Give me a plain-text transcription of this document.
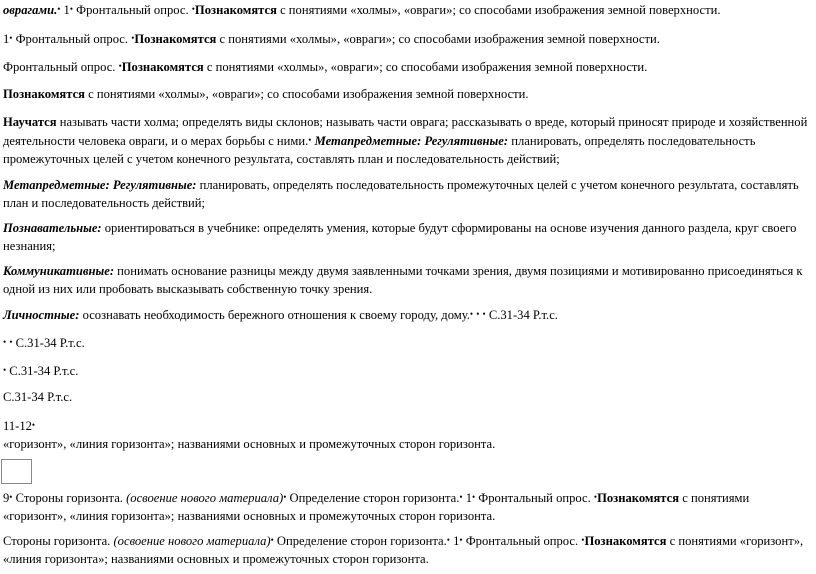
оврагами.• 1• Фронтальный опрос. •Познакомятся с понятиями «холмы», «овраги»; со способами изображения земной поверхности.

1• Фронтальный опрос. •Познакомятся с понятиями «холмы», «овраги»; со способами изображения земной поверхности.

Фронтальный опрос. •Познакомятся с понятиями «холмы», «овраги»; со способами изображения земной поверхности.

Познакомятся с понятиями «холмы», «овраги»; со способами изображения земной поверхности.

Научатся называть части холма; определять виды склонов; называть части оврага; рассказывать о вреде, который приносят природе и хозяйственной деятельности человека овраги, и о мерах борьбы с ними.• Метапредметные: Регулятивные: планировать, определять последовательность промежуточных целей с учетом конечного результата, составлять план и последовательность действий;

Метапредметные: Регулятивные: планировать, определять последовательность промежуточных целей с учетом конечного результата, составлять план и последовательность действий;

Познавательные: ориентироваться в учебнике: определять умения, которые будут сформированы на основе изучения данного раздела, круг своего незнания;

Коммуникативные: понимать основание разницы между двумя заявленными точками зрения, двумя позициями и мотивированно присоединяться к одной из них или пробовать высказывать собственную точку зрения.

Личностные: осознавать необходимость бережного отношения к своему городу, дому.• • • С.31-34 Р.т.с.

• • С.31-34 Р.т.с.

• С.31-34 Р.т.с.

С.31-34 Р.т.с.

11-12•
«горизонт», «линия горизонта»; названиями основных и промежуточных сторон горизонта.

9• Стороны горизонта. (освоение нового материала)• Определение сторон горизонта.• 1• Фронтальный опрос. •Познакомятся с понятиями «горизонт», «линия горизонта»; названиями основных и промежуточных сторон горизонта.

Стороны горизонта. (освоение нового материала)• Определение сторон горизонта.• 1• Фронтальный опрос. •Познакомятся с понятиями «горизонт», «линия горизонта»; названиями основных и промежуточных сторон горизонта.
